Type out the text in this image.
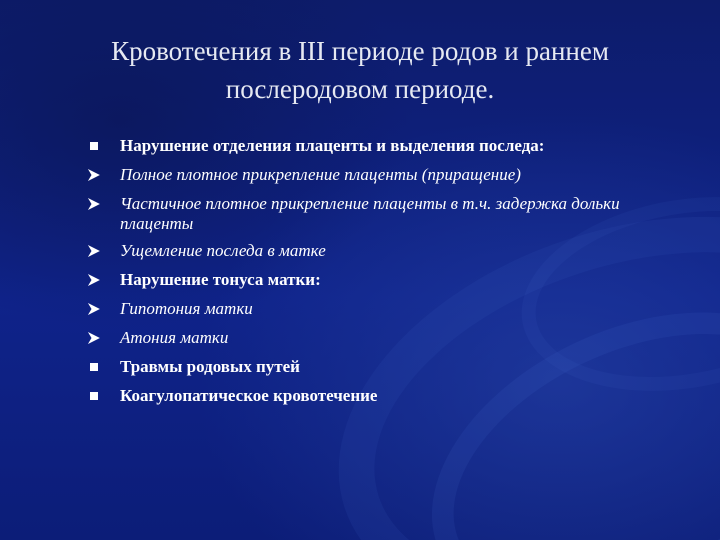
Кровотечения в III периоде родов и раннем
послеродовом периоде.
Нарушение отделения плаценты и выделения последа:
Полное плотное прикрепление плаценты (приращение)
Частичное плотное прикрепление плаценты в т.ч. задержка дольки
плаценты
Ущемление последа в матке
Нарушение тонуса матки:
Гипотония матки
Атония матки
Травмы родовых путей
Коагулопатическое кровотечение
